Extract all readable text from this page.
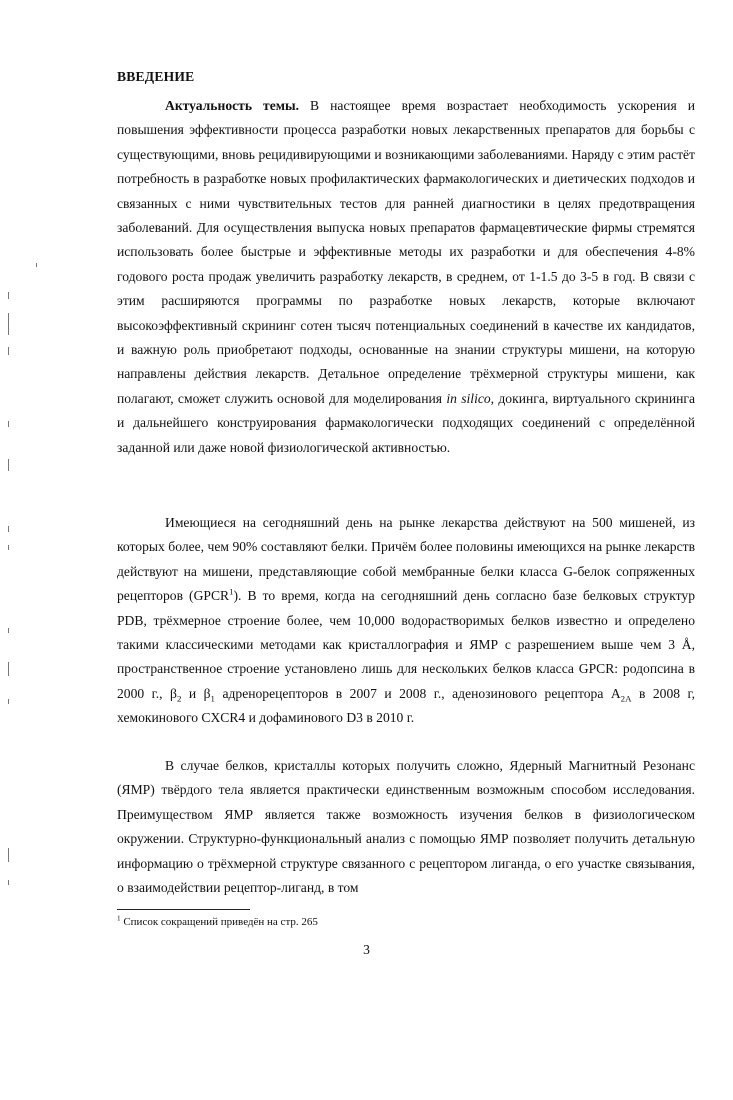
ВВЕДЕНИЕ
Актуальность темы. В настоящее время возрастает необходимость ускорения и повышения эффективности процесса разработки новых лекарственных препаратов для борьбы с существующими, вновь рецидивирующими и возникающими заболеваниями. Наряду с этим растёт потребность в разработке новых профилактических фармакологических и диетических подходов и связанных с ними чувствительных тестов для ранней диагностики в целях предотвращения заболеваний. Для осуществления выпуска новых препаратов фармацевтические фирмы стремятся использовать более быстрые и эффективные методы их разработки и для обеспечения 4-8% годового роста продаж увеличить разработку лекарств, в среднем, от 1-1.5 до 3-5 в год. В связи с этим расширяются программы по разработке новых лекарств, которые включают высокоэффективный скрининг сотен тысяч потенциальных соединений в качестве их кандидатов, и важную роль приобретают подходы, основанные на знании структуры мишени, на которую направлены действия лекарств. Детальное определение трёхмерной структуры мишени, как полагают, сможет служить основой для моделирования in silico, докинга, виртуального скрининга и дальнейшего конструирования фармакологически подходящих соединений с определённой заданной или даже новой физиологической активностью.
Имеющиеся на сегодняшний день на рынке лекарства действуют на 500 мишеней, из которых более, чем 90% составляют белки. Причём более половины имеющихся на рынке лекарств действуют на мишени, представляющие собой мембранные белки класса G-белок сопряженных рецепторов (GPCR$^1$). В то время, когда на сегодняшний день согласно базе белковых структур PDB, трёхмерное строение более, чем 10,000 водорастворимых белков известно и определено такими классическими методами как кристаллография и ЯМР с разрешением выше чем 3 Å, пространственное строение установлено лишь для нескольких белков класса GPCR: родопсина в 2000 г., $\beta_2$ и $\beta_1$ адренорецепторов в 2007 и 2008 г., аденозинового рецептора $A_{2A}$ в 2008 г, хемокинового CXCR4 и дофаминового D3 в 2010 г.
В случае белков, кристаллы которых получить сложно, Ядерный Магнитный Резонанс (ЯМР) твёрдого тела является практически единственным возможным способом исследования. Преимуществом ЯМР является также возможность изучения белков в физиологическом окружении. Структурно-функциональный анализ с помощью ЯМР позволяет получить детальную информацию о трёхмерной структуре связанного с рецептором лиганда, о его участке связывания, о взаимодействии рецептор-лиганд, в том
$^1$ Список сокращений приведён на стр. 265
3
